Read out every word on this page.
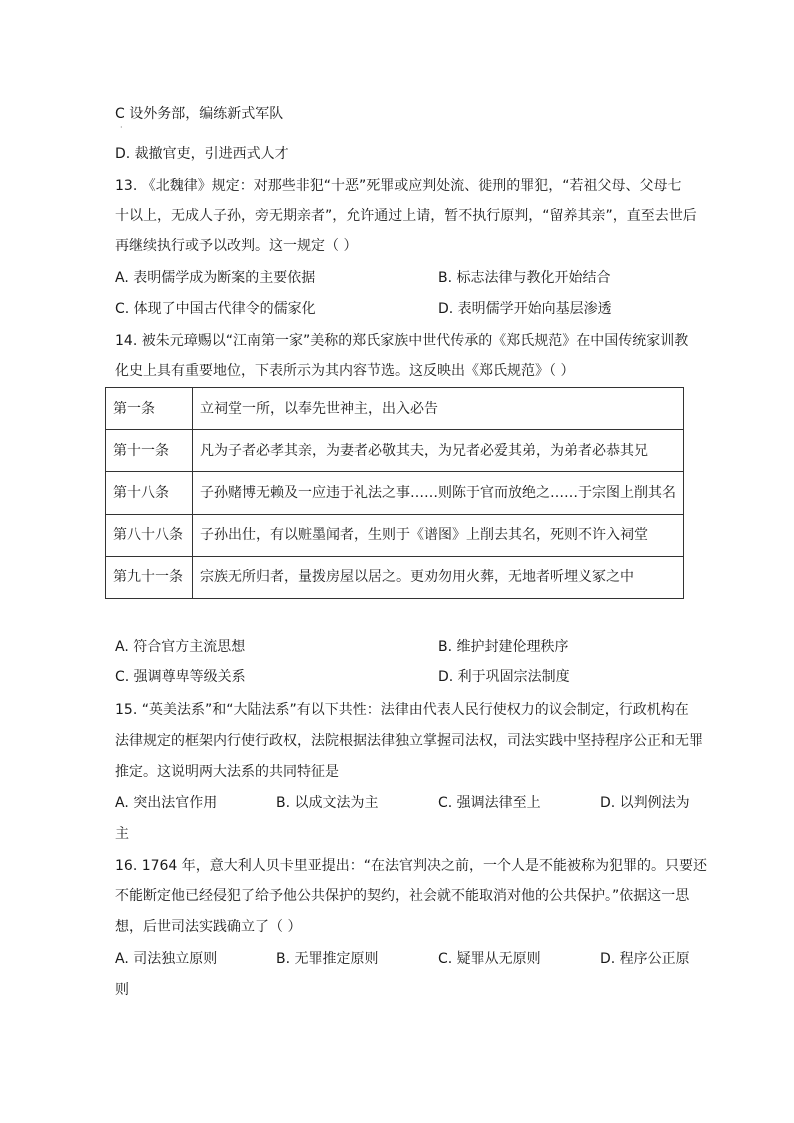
C 设外务部，编练新式军队
·
D. 裁撤官吏，引进西式人才
13. 《北魏律》规定：对那些非犯“十恶”死罪或应判处流、徙刑的罪犯，“若祖父母、父母七
十以上，无成人子孙，旁无期亲者”，允许通过上请，暂不执行原判，“留养其亲”，直至去世后
再继续执行或予以改判。这一规定（ ）
A. 表明儒学成为断案的主要依据	B. 标志法律与教化开始结合
C. 体现了中国古代律令的儒家化	D. 表明儒学开始向基层渗透
14. 被朱元璋赐以“江南第一家”美称的郑氏家族中世代传承的《郑氏规范》在中国传统家训教
化史上具有重要地位，下表所示为其内容节选。这反映出《郑氏规范》（ ）
第一条	立祠堂一所，以奉先世神主，出入必告
第十一条	凡为子者必孝其亲，为妻者必敬其夫，为兄者必爱其弟，为弟者必恭其兄
第十八条	子孙赌博无赖及一应违于礼法之事……则陈于官而放绝之……于宗图上削其名
第八十八条	子孙出仕，有以赃墨闻者，生则于《谱图》上削去其名，死则不许入祠堂
第九十一条	宗族无所归者，量拨房屋以居之。更劝勿用火葬，无地者听埋义冢之中
A. 符合官方主流思想	B. 维护封建伦理秩序
C. 强调尊卑等级关系	D. 利于巩固宗法制度
15. “英美法系”和“大陆法系”有以下共性：法律由代表人民行使权力的议会制定，行政机构在
法律规定的框架内行使行政权，法院根据法律独立掌握司法权，司法实践中坚持程序公正和无罪
推定。这说明两大法系的共同特征是
A. 突出法官作用	B. 以成文法为主	C. 强调法律至上	D. 以判例法为
主
16. 1764 年，意大利人贝卡里亚提出：“在法官判决之前，一个人是不能被称为犯罪的。只要还
不能断定他已经侵犯了给予他公共保护的契约，社会就不能取消对他的公共保护。”依据这一思
想，后世司法实践确立了（ ）
A. 司法独立原则	B. 无罪推定原则	C. 疑罪从无原则	D. 程序公正原
则
